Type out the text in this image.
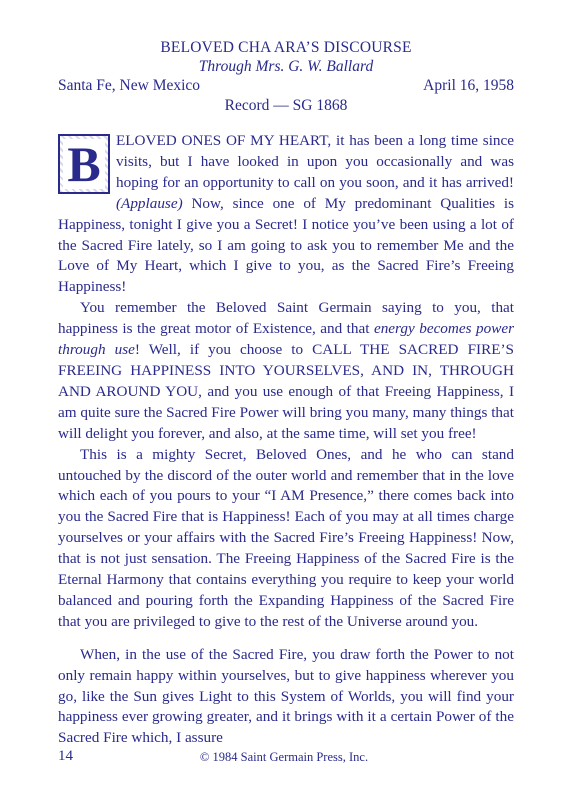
BELOVED CHA ARA’S DISCOURSE
Through Mrs. G. W. Ballard
Santa Fe, New Mexico	April 16, 1958
Record — SG 1868

B ELOVED ONES OF MY HEART, it has been a long time since visits, but I have looked in upon you occasionally and was hoping for an opportunity to call on you soon, and it has arrived! (Applause) Now, since one of My predominant Qualities is Happiness, tonight I give you a Secret! I notice you’ve been using a lot of the Sacred Fire lately, so I am going to ask you to remember Me and the Love of My Heart, which I give to you, as the Sacred Fire’s Freeing Happiness!

You remember the Beloved Saint Germain saying to you, that happiness is the great motor of Existence, and that energy becomes power through use! Well, if you choose to CALL THE SACRED FIRE’S FREEING HAPPINESS INTO YOURSELVES, AND IN, THROUGH AND AROUND YOU, and you use enough of that Freeing Happiness, I am quite sure the Sacred Fire Power will bring you many, many things that will delight you forever, and also, at the same time, will set you free!

This is a mighty Secret, Beloved Ones, and he who can stand untouched by the discord of the outer world and remember that in the love which each of you pours to your “I AM Presence,” there comes back into you the Sacred Fire that is Happiness! Each of you may at all times charge yourselves or your affairs with the Sacred Fire’s Freeing Happiness! Now, that is not just sensation. The Freeing Happiness of the Sacred Fire is the Eternal Harmony that contains everything you require to keep your world balanced and pouring forth the Expanding Happiness of the Sacred Fire that you are privileged to give to the rest of the Universe around you.

When, in the use of the Sacred Fire, you draw forth the Power to not only remain happy within yourselves, but to give happiness wherever you go, like the Sun gives Light to this System of Worlds, you will find your happiness ever growing greater, and it brings with it a certain Power of the Sacred Fire which, I assure

14	© 1984 Saint Germain Press, Inc.
